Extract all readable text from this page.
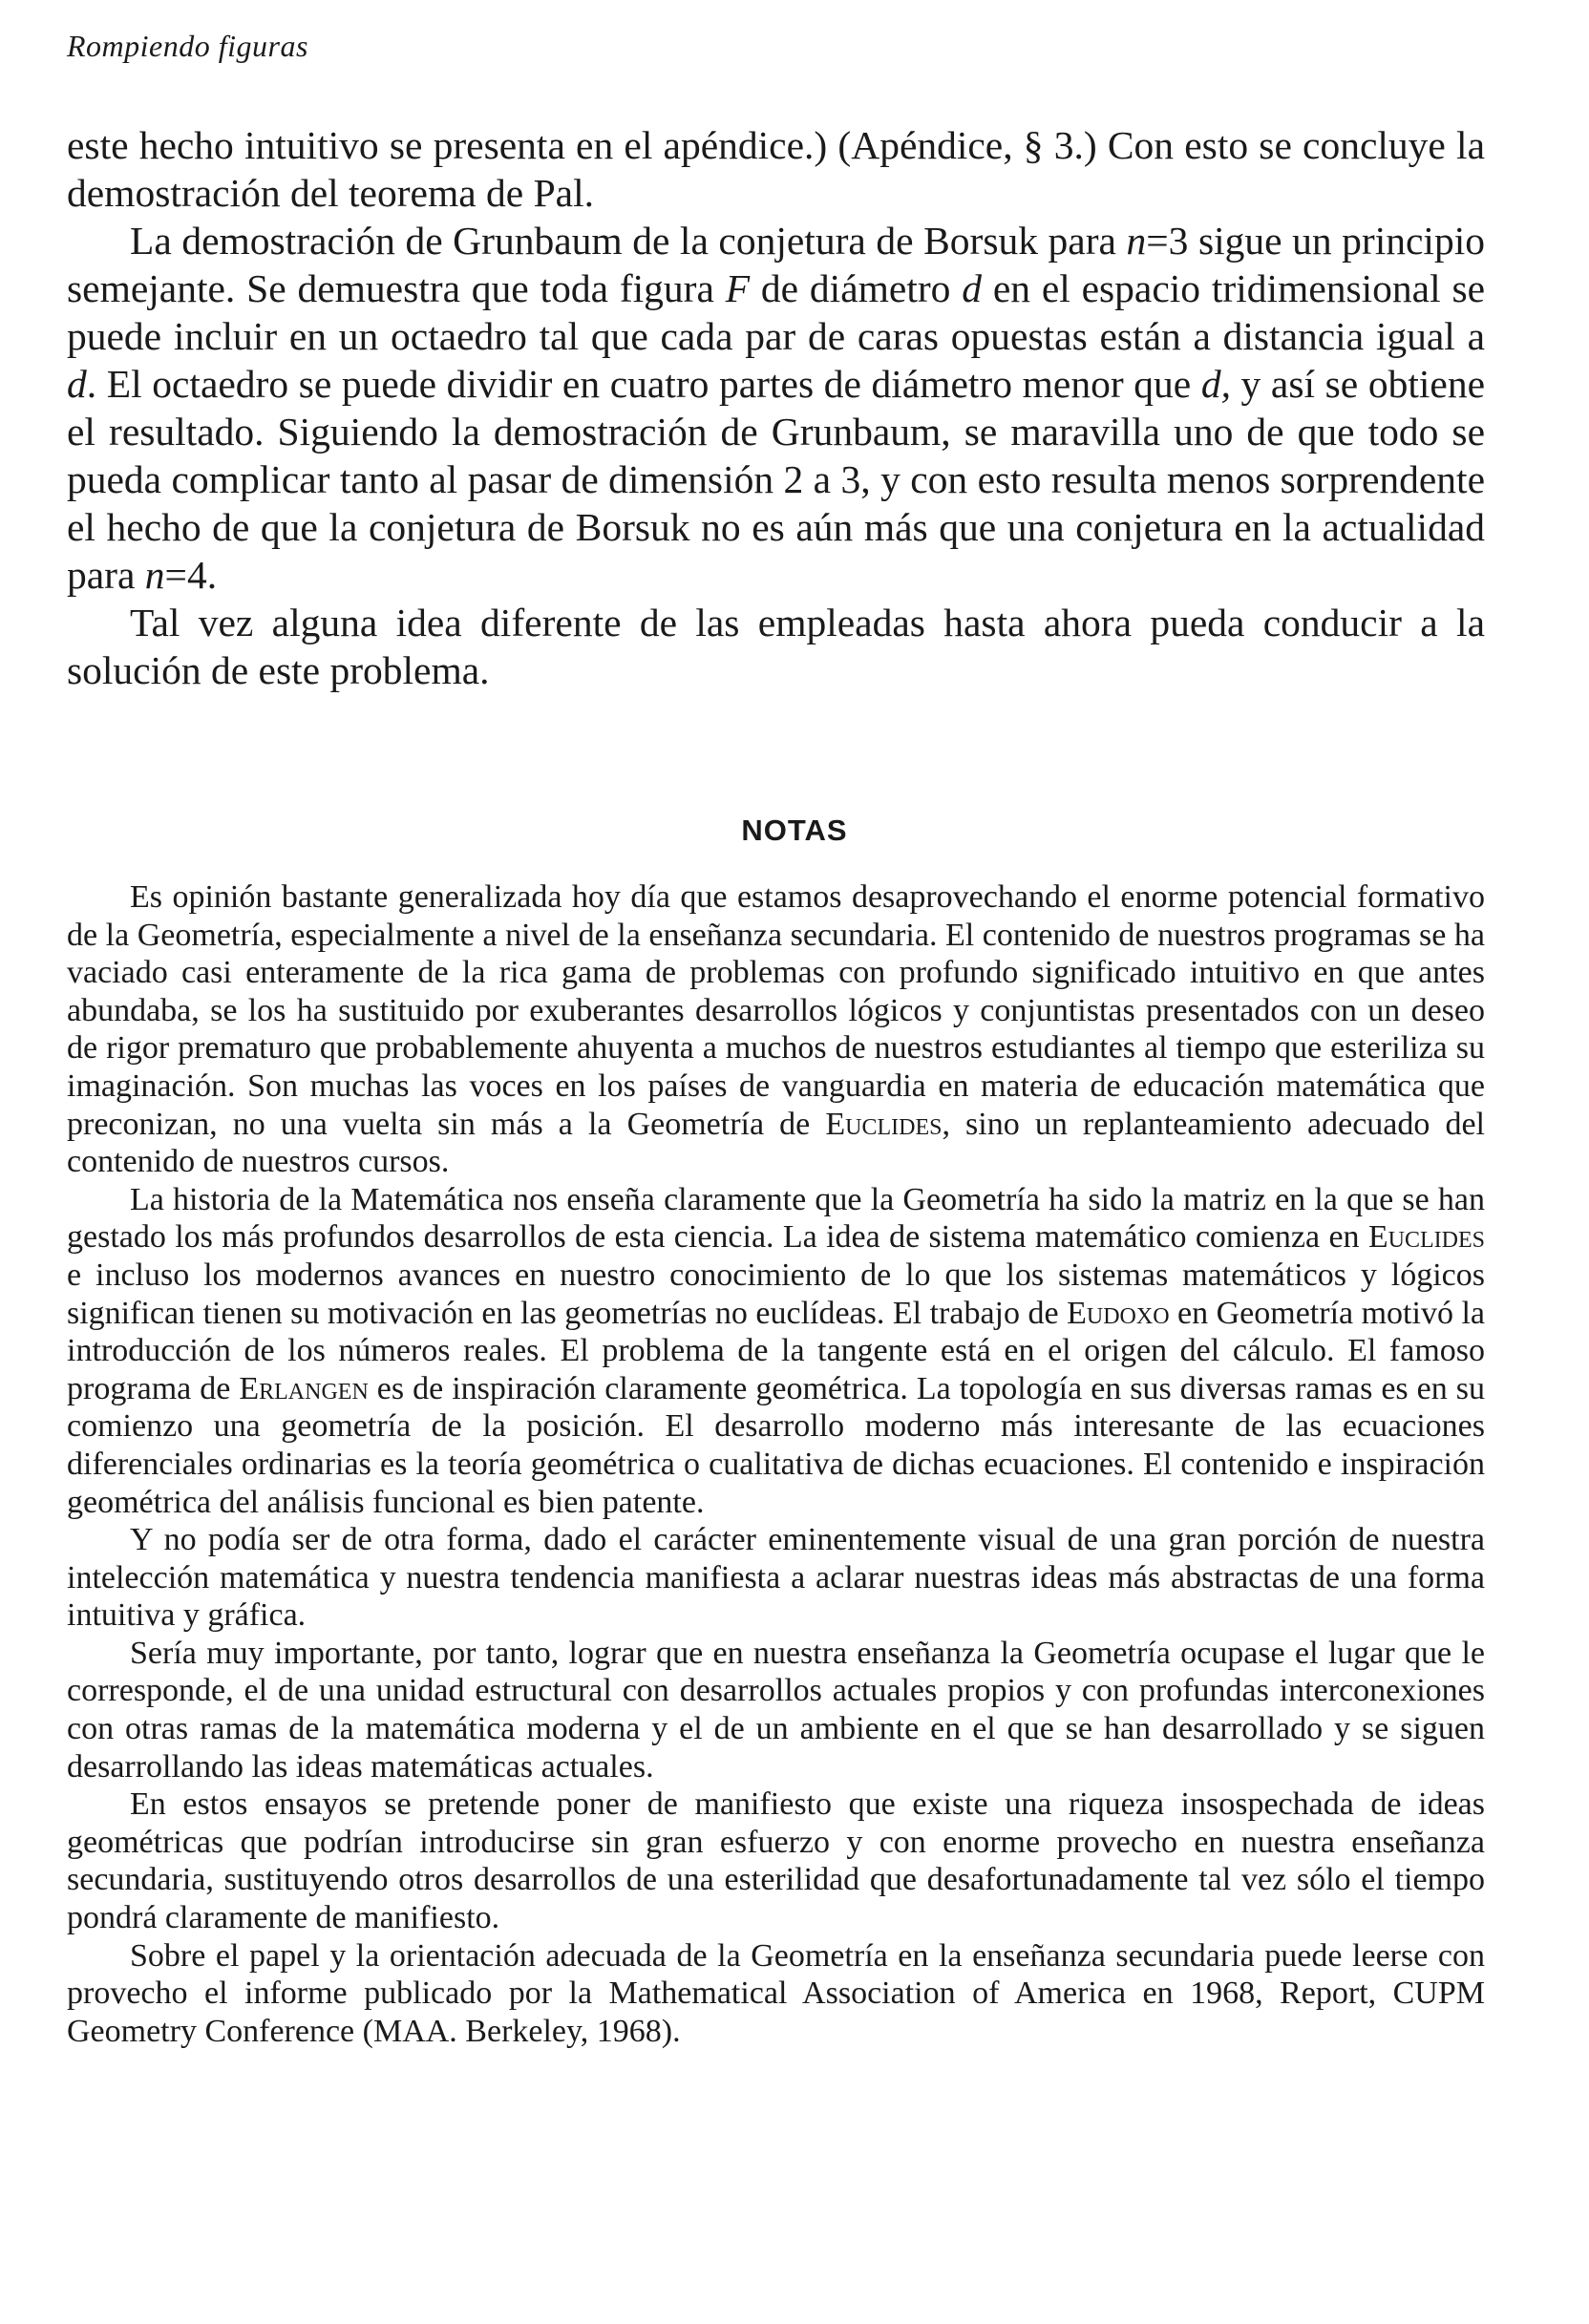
Rompiendo figuras

este hecho intuitivo se presenta en el apéndice.) (Apéndice, § 3.) Con esto se concluye la demostración del teorema de Pal.

La demostración de Grunbaum de la conjetura de Borsuk para n=3 sigue un principio semejante. Se demuestra que toda figura F de diámetro d en el espacio tridimensional se puede incluir en un octaedro tal que cada par de caras opuestas están a distancia igual a d. El octaedro se puede dividir en cuatro partes de diámetro menor que d, y así se obtiene el resultado. Siguiendo la demostración de Grunbaum, se maravilla uno de que todo se pueda complicar tanto al pasar de dimensión 2 a 3, y con esto resulta menos sorprendente el hecho de que la conjetura de Borsuk no es aún más que una conjetura en la actualidad para n=4.

Tal vez alguna idea diferente de las empleadas hasta ahora pueda conducir a la solución de este problema.

NOTAS

Es opinión bastante generalizada hoy día que estamos desaprovechando el enorme potencial formativo de la Geometría, especialmente a nivel de la enseñanza secundaria. El contenido de nuestros programas se ha vaciado casi enteramente de la rica gama de problemas con profundo significado intuitivo en que antes abundaba, se los ha sustituido por exuberantes desarrollos lógicos y conjuntistas presentados con un deseo de rigor prematuro que probablemente ahuyenta a muchos de nuestros estudiantes al tiempo que esteriliza su imaginación. Son muchas las voces en los países de vanguardia en materia de educación matemática que preconizan, no una vuelta sin más a la Geometría de Euclides, sino un replanteamiento adecuado del contenido de nuestros cursos.

La historia de la Matemática nos enseña claramente que la Geometría ha sido la matriz en la que se han gestado los más profundos desarrollos de esta ciencia. La idea de sistema matemático comienza en Euclides e incluso los modernos avances en nuestro conocimiento de lo que los sistemas matemáticos y lógicos significan tienen su motivación en las geometrías no euclídeas. El trabajo de Eudoxo en Geometría motivó la introducción de los números reales. El problema de la tangente está en el origen del cálculo. El famoso programa de Erlangen es de inspiración claramente geométrica. La topología en sus diversas ramas es en su comienzo una geometría de la posición. El desarrollo moderno más interesante de las ecuaciones diferenciales ordinarias es la teoría geométrica o cualitativa de dichas ecuaciones. El contenido e inspiración geométrica del análisis funcional es bien patente.

Y no podía ser de otra forma, dado el carácter eminentemente visual de una gran porción de nuestra intelección matemática y nuestra tendencia manifiesta a aclarar nuestras ideas más abstractas de una forma intuitiva y gráfica.

Sería muy importante, por tanto, lograr que en nuestra enseñanza la Geometría ocupase el lugar que le corresponde, el de una unidad estructural con desarrollos actuales propios y con profundas interconexiones con otras ramas de la matemática moderna y el de un ambiente en el que se han desarrollado y se siguen desarrollando las ideas matemáticas actuales.

En estos ensayos se pretende poner de manifiesto que existe una riqueza insospechada de ideas geométricas que podrían introducirse sin gran esfuerzo y con enorme provecho en nuestra enseñanza secundaria, sustituyendo otros desarrollos de una esterilidad que desafortunadamente tal vez sólo el tiempo pondrá claramente de manifiesto.

Sobre el papel y la orientación adecuada de la Geometría en la enseñanza secundaria puede leerse con provecho el informe publicado por la Mathematical Association of America en 1968, Report, CUPM Geometry Conference (MAA. Berkeley, 1968).
